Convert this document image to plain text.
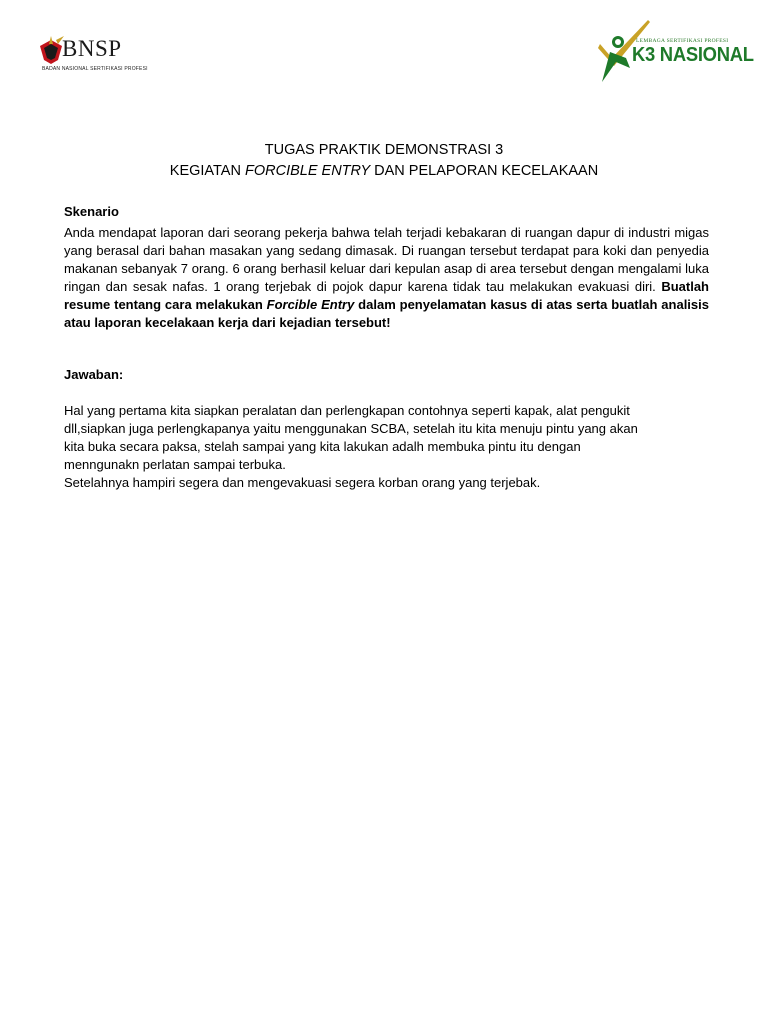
BNSP
BADAN NASIONAL SERTIFIKASI PROFESI
LEMBAGA SERTIFIKASI PROFESI
K3 NASIONAL
TUGAS PRAKTIK DEMONSTRASI 3
KEGIATAN FORCIBLE ENTRY DAN PELAPORAN KECELAKAAN
Skenario
Anda mendapat laporan dari seorang pekerja bahwa telah terjadi kebakaran di ruangan dapur di industri migas yang berasal dari bahan masakan yang sedang dimasak. Di ruangan tersebut terdapat para koki dan penyedia makanan sebanyak 7 orang. 6 orang berhasil keluar dari kepulan asap di area tersebut dengan mengalami luka ringan dan sesak nafas. 1 orang terjebak di pojok dapur karena tidak tau melakukan evakuasi diri. Buatlah resume tentang cara melakukan Forcible Entry dalam penyelamatan kasus di atas serta buatlah analisis atau laporan kecelakaan kerja dari kejadian tersebut!
Jawaban:

Hal yang pertama kita siapkan peralatan dan perlengkapan contohnya seperti kapak, alat pengukit

dll,siapkan juga perlengkapanya yaitu menggunakan SCBA, setelah itu kita menuju pintu yang akan

kita buka secara paksa, stelah sampai yang kita lakukan adalh membuka pintu itu dengan

menngunakn perlatan sampai terbuka.

Setelahnya hampiri segera dan mengevakuasi segera korban orang yang terjebak.
